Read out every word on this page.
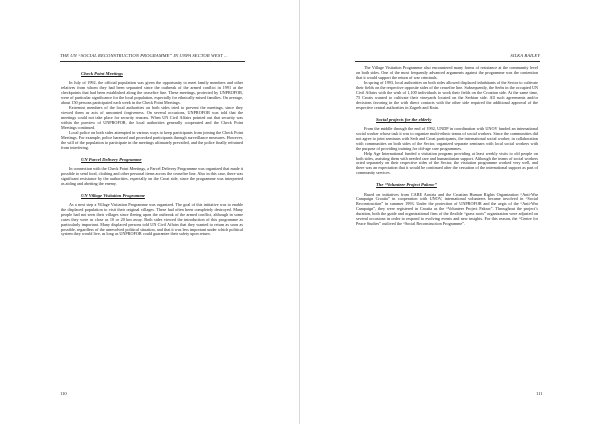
THE UN “SOCIAL RECONSTRUCTION PROGRAMME” IN UNPA SECTOR WEST ...
Check Point Meetings

In July of 1992, the official population was given the opportunity to meet family members and other relatives from whom they had been separated since the outbreak of the armed conflict in 1991 at the checkpoints that had been established along the ceasefire line. These meetings, protected by UNPROFOR, were of particular significance for the local population, especially for ethnically mixed families. On average, about 150 persons participated each week in the Check Point Meetings.

Extremist members of the local authorities on both sides tried to prevent the meetings, since they viewed them as acts of unwanted forgiveness. On several occasions, UNPROFOR was told that the meetings could not take place for security reasons. When UN Civil Affairs pointed out that security was within the purview of UNPROFOR, the local authorities generally cooperated and the Check Point Meetings continued.

Local police on both sides attempted in various ways to keep participants from joining the Check Point Meetings. For example, police harassed and provoked participants through surveillance measures. However, the will of the population to participate in the meetings ultimately prevailed, and the police finally refrained from interfering.

UN Parcel Delivery Programme

In connection with the Check Point Meetings, a Parcel Delivery Programme was organized that made it possible to send food, clothing and other personal items across the ceasefire line. Also in this case, there was significant resistance by the authorities, especially on the Croat side, since the programme was interpreted as aiding and abetting the enemy.

UN Village Visitation Programme

As a next step a Village Visitation Programme was organized. The goal of this initiative was to enable the displaced population to visit their original villages. These had often been completely destroyed. Many people had not seen their villages since fleeing upon the outbreak of the armed conflict, although in some cases they were as close as 10 or 20 km away. Both sides viewed the introduction of this programme as particularly important. Many displaced persons told UN Civil Affairs that they wanted to return as soon as possible, regardless of the unresolved political situation, and that it was less important under which political system they would live, as long as UNPROFOR could guarantee their safety upon return.

110
SILKA BAILEY

The Village Visitation Programme also encountered many forms of resistance at the community level on both sides. One of the most frequently advanced arguments against the programme was the contention that it would support the return of war criminals.

In spring of 1993, local authorities on both sides allowed displaced inhabitants of the Sector to cultivate their fields on the respective opposite sides of the ceasefire line. Subsequently, the Serbs in the occupied UN Civil Affairs with the wish of 1,100 individuals to work their fields on the Croatian side. At the same time, 75 Croats wanted to cultivate their vineyards located on the Serbian side. All such agreements and/or decisions favoring in the with direct contacts with the other side required the additional approval of the respective central authorities in Zagreb and Knin.

Social projects for the elderly

From the middle through the end of 1992, UNDP in coordination with UNOV funded an international social worker whose task it was to organize multi-ethnic teams of social workers. Since the communities did not agree to joint seminars with Serb and Croat participants, the international social worker, in collaboration with communities on both sides of the Sector, organized separate seminars with local social workers with the purpose of providing training for old-age care programmes.

Help Age International funded a visitation program providing at least weekly visits to old people on both sides, assisting them with needed care and humanitarian support. Although the teams of social workers acted separately on their respective sides of the Sector, the visitation programme worked very well, and there was an expectation that it would be continued after the cessation of the international support as part of community services.

The “Volunteer Project Pakrac”

Based on initiatives from CARE Austria and the Croatian Human Rights Organization “Anti-War Campaign Croatia” in cooperation with UNOV, international volunteers became involved in “Social Reconstruction” in summer 1993. Under the protection of UNPROFOR and the aegis of the “Anti-War Campaign”, they were registered in Croatia as the “Volunteer Project Pakrac”. Throughout the project’s duration, both the guide and organizational firm of the flexible “grass roots” organization were adjusted on several occasions in order to respond to evolving events and new insights. For this reason, the “Centre for Peace Studies” outlived the “Social Reconstruction Programme”.

111
